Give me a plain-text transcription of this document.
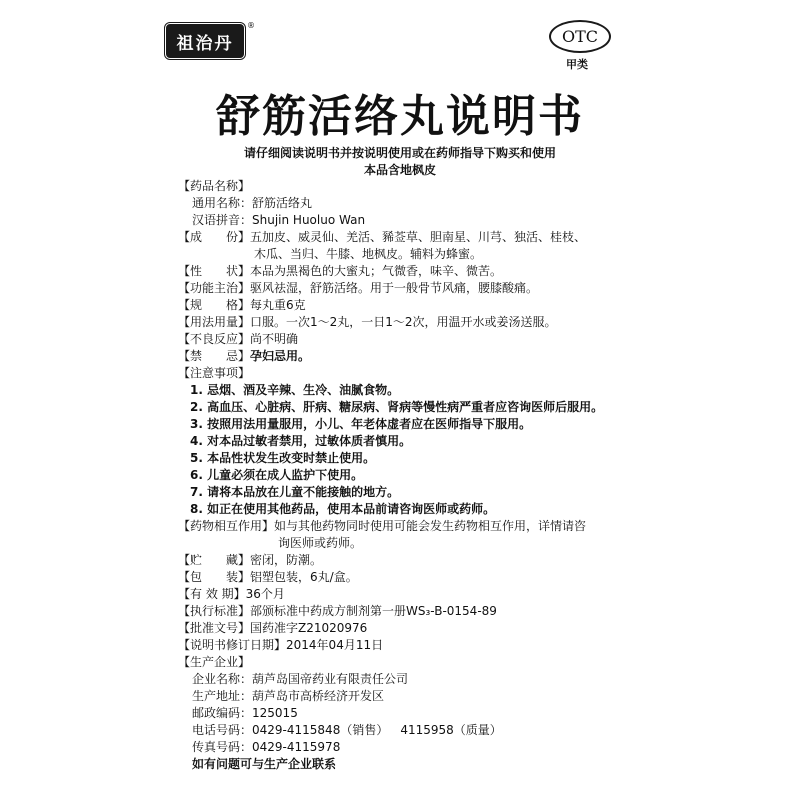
祖治丹
®
OTC
甲类
舒筋活络丸说明书
请仔细阅读说明书并按说明使用或在药师指导下购买和使用
本品含地枫皮
【药品名称】
通用名称： 舒筋活络丸
汉语拼音： Shujin Huoluo Wan
【成　　份】 五加皮、威灵仙、羌活、豨莶草、胆南星、川芎、独活、桂枝、
木瓜、当归、牛膝、地枫皮。辅料为蜂蜜。
【性　　状】 本品为黑褐色的大蜜丸；气微香，味辛、微苦。
【功能主治】 驱风祛湿，舒筋活络。用于一般骨节风痛，腰膝酸痛。
【规　　格】 每丸重6克
【用法用量】 口服。一次1～2丸，一日1～2次，用温开水或姜汤送服。
【不良反应】 尚不明确
【禁　　忌】 孕妇忌用。
【注意事项】
1. 忌烟、酒及辛辣、生冷、油腻食物。
2. 高血压、心脏病、肝病、糖尿病、肾病等慢性病严重者应咨询医师后服用。
3. 按照用法用量服用，小儿、年老体虚者应在医师指导下服用。
4. 对本品过敏者禁用，过敏体质者慎用。
5. 本品性状发生改变时禁止使用。
6. 儿童必须在成人监护下使用。
7. 请将本品放在儿童不能接触的地方。
8. 如正在使用其他药品，使用本品前请咨询医师或药师。
【药物相互作用】 如与其他药物同时使用可能会发生药物相互作用，详情请咨
询医师或药师。
【贮　　藏】 密闭，防潮。
【包　　装】 铝塑包装，6丸/盒。
【有 效 期】 36个月
【执行标准】 部颁标准中药成方制剂第一册WS₃-B-0154-89
【批准文号】 国药准字Z21020976
【说明书修订日期】 2014年04月11日
【生产企业】
企业名称： 葫芦岛国帝药业有限责任公司
生产地址： 葫芦岛市高桥经济开发区
邮政编码： 125015
电话号码： 0429-4115848（销售） 4115958（质量）
传真号码： 0429-4115978
如有问题可与生产企业联系
